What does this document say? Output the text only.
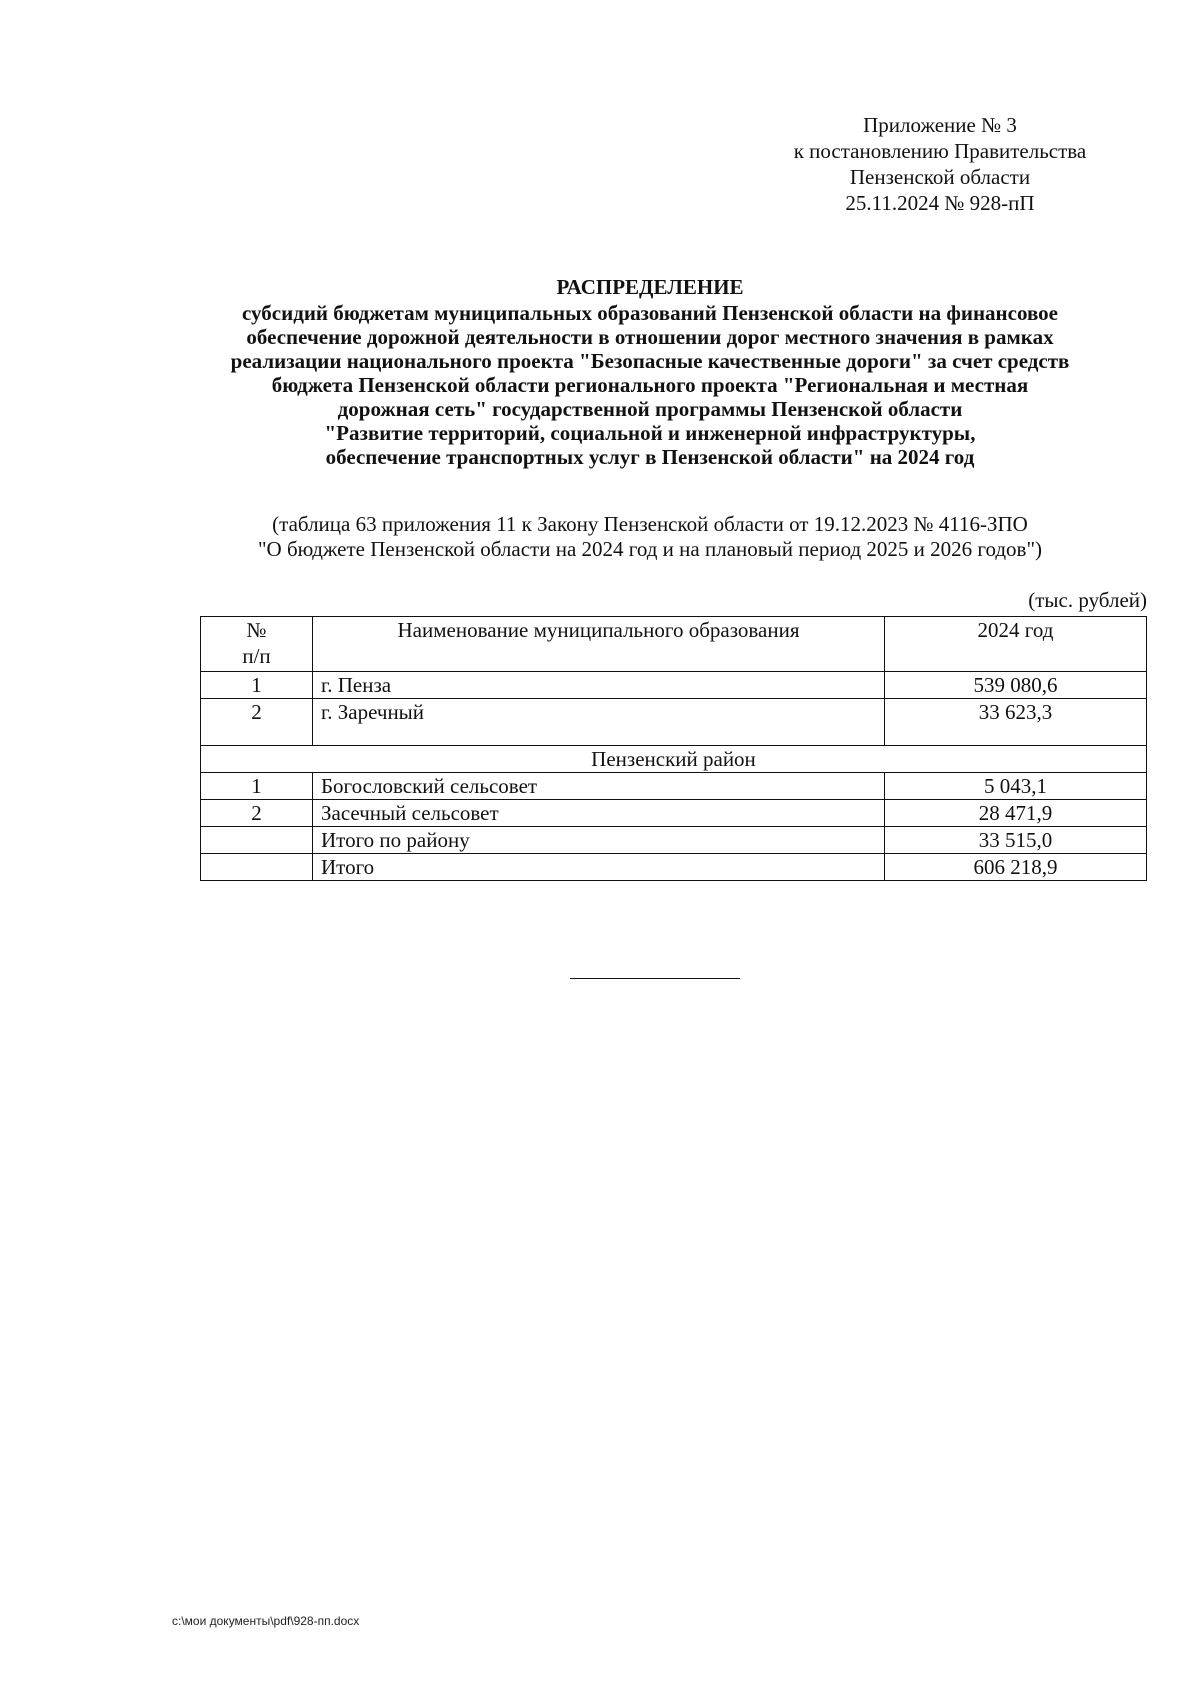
Приложение № 3
к постановлению Правительства
Пензенской области
25.11.2024 № 928-пП
РАСПРЕДЕЛЕНИЕ
субсидий бюджетам муниципальных образований Пензенской области на финансовое
обеспечение дорожной деятельности в отношении дорог местного значения в рамках
реализации национального проекта "Безопасные качественные дороги" за счет средств
бюджета Пензенской области регионального проекта "Региональная и местная
дорожная сеть" государственной программы Пензенской области
"Развитие территорий, социальной и инженерной инфраструктуры,
обеспечение транспортных услуг в Пензенской области" на 2024 год
(таблица 63 приложения 11 к Закону Пензенской области от 19.12.2023 № 4116-ЗПО
"О бюджете Пензенской области на 2024 год и на плановый период 2025 и 2026 годов")
(тыс. рублей)
№
п/п	Наименование муниципального образования	2024 год
1	г. Пенза	539 080,6
2	г. Заречный	33 623,3
Пензенский район		
1	Богословский сельсовет	5 043,1
2	Засечный сельсовет	28 471,9
	Итого по району	33 515,0
	Итого	606 218,9
c:\мои документы\pdf\928-пп.docx
